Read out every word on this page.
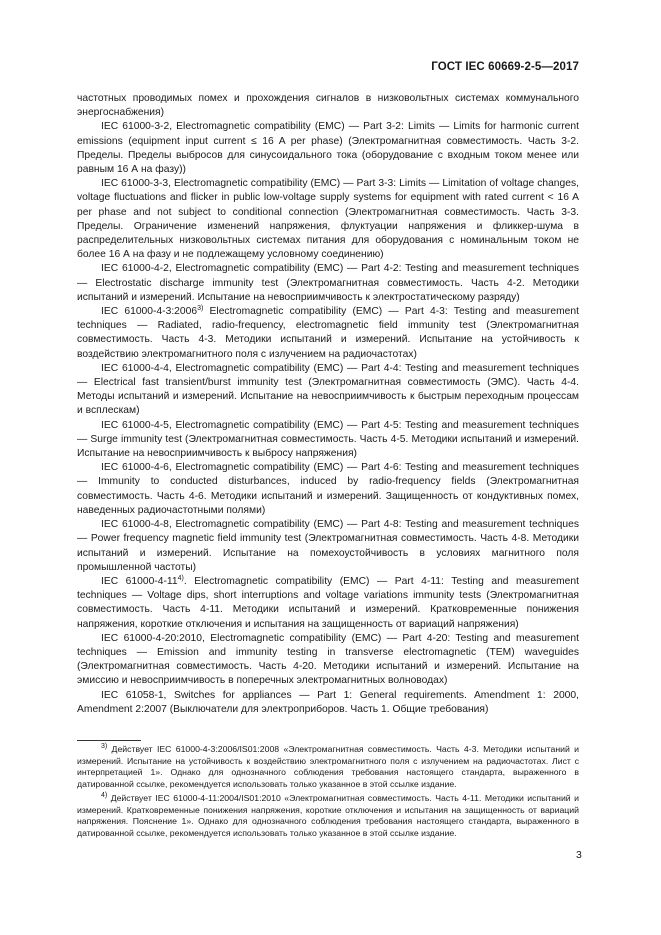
ГОСТ IEC 60669-2-5—2017

частотных проводимых помех и прохождения сигналов в низковольтных системах коммунального энергоснабжения)

IEC 61000-3-2, Electromagnetic compatibility (EMC) — Part 3-2: Limits — Limits for harmonic current emissions (equipment input current ≤ 16 A per phase) (Электромагнитная совместимость. Часть 3-2. Пределы. Пределы выбросов для синусоидального тока (оборудование с входным током менее или равным 16 А на фазу))

IEC 61000-3-3, Electromagnetic compatibility (EMC) — Part 3-3: Limits — Limitation of voltage changes, voltage fluctuations and flicker in public low-voltage supply systems for equipment with rated current < 16 A per phase and not subject to conditional connection (Электромагнитная совместимость. Часть 3-3. Пределы. Ограничение изменений напряжения, флуктуации напряжения и фликкер-шума в распределительных низковольтных системах питания для оборудования с номинальным током не более 16 А на фазу и не подлежащему условному соединению)

IEC 61000-4-2, Electromagnetic compatibility (EMC) — Part 4-2: Testing and measurement techniques — Electrostatic discharge immunity test (Электромагнитная совместимость. Часть 4-2. Методики испытаний и измерений. Испытание на невосприимчивость к электростатическому разряду)

IEC 61000-4-3:2006$^{3)}$ Electromagnetic compatibility (EMC) — Part 4-3: Testing and measurement techniques — Radiated, radio-frequency, electromagnetic field immunity test (Электромагнитная совместимость. Часть 4-3. Методики испытаний и измерений. Испытание на устойчивость к воздействию электромагнитного поля с излучением на радиочастотах)

IEC 61000-4-4, Electromagnetic compatibility (EMC) — Part 4-4: Testing and measurement techniques — Electrical fast transient/burst immunity test (Электромагнитная совместимость (ЭМС). Часть 4-4. Методы испытаний и измерений. Испытание на невосприимчивость к быстрым переходным процессам и всплескам)

IEC 61000-4-5, Electromagnetic compatibility (EMC) — Part 4-5: Testing and measurement techniques — Surge immunity test (Электромагнитная совместимость. Часть 4-5. Методики испытаний и измерений. Испытание на невосприимчивость к выбросу напряжения)

IEC 61000-4-6, Electromagnetic compatibility (EMC) — Part 4-6: Testing and measurement techniques — Immunity to conducted disturbances, induced by radio-frequency fields (Электромагнитная совместимость. Часть 4-6. Методики испытаний и измерений. Защищенность от кондуктивных помех, наведенных радиочастотными полями)

IEC 61000-4-8, Electromagnetic compatibility (EMC) — Part 4-8: Testing and measurement techniques — Power frequency magnetic field immunity test (Электромагнитная совместимость. Часть 4-8. Методики испытаний и измерений. Испытание на помехоустойчивость в условиях магнитного поля промышленной частоты)

IEC 61000-4-11$^{4)}$. Electromagnetic compatibility (EMC) — Part 4-11: Testing and measurement techniques — Voltage dips, short interruptions and voltage variations immunity tests (Электромагнитная совместимость. Часть 4-11. Методики испытаний и измерений. Кратковременные понижения напряжения, короткие отключения и испытания на защищенность от вариаций напряжения)

IEC 61000-4-20:2010, Electromagnetic compatibility (EMC) — Part 4-20: Testing and measurement techniques — Emission and immunity testing in transverse electromagnetic (TEM) waveguides (Электромагнитная совместимость. Часть 4-20. Методики испытаний и измерений. Испытание на эмиссию и невосприимчивость в поперечных электромагнитных волноводах)

IEC 61058-1, Switches for appliances — Part 1: General requirements. Amendment 1: 2000, Amendment 2:2007 (Выключатели для электроприборов. Часть 1. Общие требования)

$^{3)}$ Действует IEC 61000-4-3:2006/IS01:2008 «Электромагнитная совместимость. Часть 4-3. Методики испытаний и измерений. Испытание на устойчивость к воздействию электромагнитного поля с излучением на радиочастотах. Лист с интерпретацией 1». Однако для однозначного соблюдения требования настоящего стандарта, выраженного в датированной ссылке, рекомендуется использовать только указанное в этой ссылке издание.

$^{4)}$ Действует IEC 61000-4-11:2004/IS01:2010 «Электромагнитная совместимость. Часть 4-11. Методики испытаний и измерений. Кратковременные понижения напряжения, короткие отключения и испытания на защищенность от вариаций напряжения. Пояснение 1». Однако для однозначного соблюдения требования настоящего стандарта, выраженного в датированной ссылке, рекомендуется использовать только указанное в этой ссылке издание.

3
